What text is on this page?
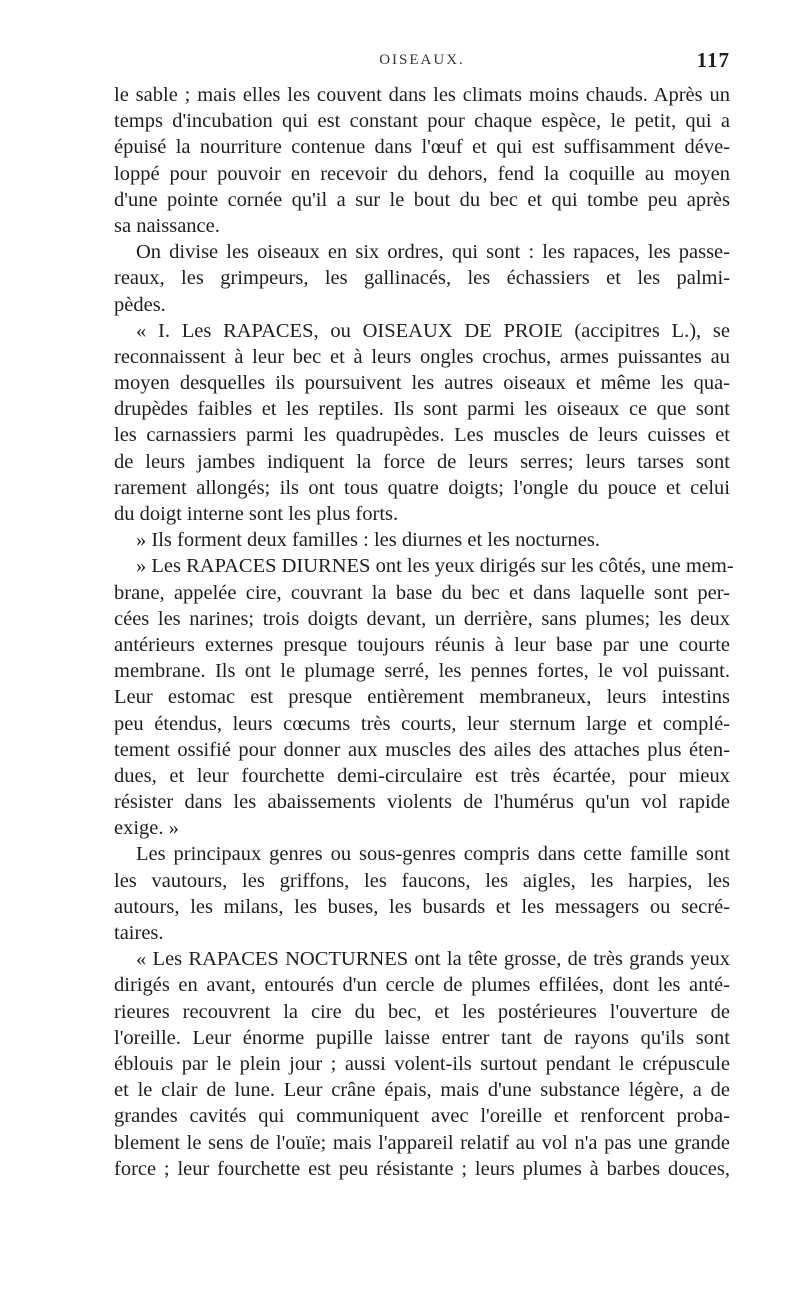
OISEAUX.	117
le sable ; mais elles les couvent dans les climats moins chauds. Après un
temps d'incubation qui est constant pour chaque espèce, le petit, qui a
épuisé la nourriture contenue dans l'œuf et qui est suffisamment déve-
loppé pour pouvoir en recevoir du dehors, fend la coquille au moyen
d'une pointe cornée qu'il a sur le bout du bec et qui tombe peu après
sa naissance.
On divise les oiseaux en six ordres, qui sont : les rapaces, les passe-
reaux, les grimpeurs, les gallinacés, les échassiers et les palmi-
pèdes.
« I. Les RAPACES, ou OISEAUX DE PROIE (accipitres L.), se
reconnaissent à leur bec et à leurs ongles crochus, armes puissantes au
moyen desquelles ils poursuivent les autres oiseaux et même les qua-
drupèdes faibles et les reptiles. Ils sont parmi les oiseaux ce que sont
les carnassiers parmi les quadrupèdes. Les muscles de leurs cuisses et
de leurs jambes indiquent la force de leurs serres; leurs tarses sont
rarement allongés; ils ont tous quatre doigts; l'ongle du pouce et celui
du doigt interne sont les plus forts.
» Ils forment deux familles : les diurnes et les nocturnes.
» Les RAPACES DIURNES ont les yeux dirigés sur les côtés, une mem-
brane, appelée cire, couvrant la base du bec et dans laquelle sont per-
cées les narines; trois doigts devant, un derrière, sans plumes; les deux
antérieurs externes presque toujours réunis à leur base par une courte
membrane. Ils ont le plumage serré, les pennes fortes, le vol puissant.
Leur estomac est presque entièrement membraneux, leurs intestins
peu étendus, leurs cœcums très courts, leur sternum large et complé-
tement ossifié pour donner aux muscles des ailes des attaches plus éten-
dues, et leur fourchette demi-circulaire est très écartée, pour mieux
résister dans les abaissements violents de l'humérus qu'un vol rapide
exige. »
Les principaux genres ou sous-genres compris dans cette famille sont
les vautours, les griffons, les faucons, les aigles, les harpies, les
autours, les milans, les buses, les busards et les messagers ou secré-
taires.
« Les RAPACES NOCTURNES ont la tête grosse, de très grands yeux
dirigés en avant, entourés d'un cercle de plumes effilées, dont les anté-
rieures recouvrent la cire du bec, et les postérieures l'ouverture de
l'oreille. Leur énorme pupille laisse entrer tant de rayons qu'ils sont
éblouis par le plein jour ; aussi volent-ils surtout pendant le crépuscule
et le clair de lune. Leur crâne épais, mais d'une substance légère, a de
grandes cavités qui communiquent avec l'oreille et renforcent proba-
blement le sens de l'ouïe; mais l'appareil relatif au vol n'a pas une grande
force ; leur fourchette est peu résistante ; leurs plumes à barbes douces,
